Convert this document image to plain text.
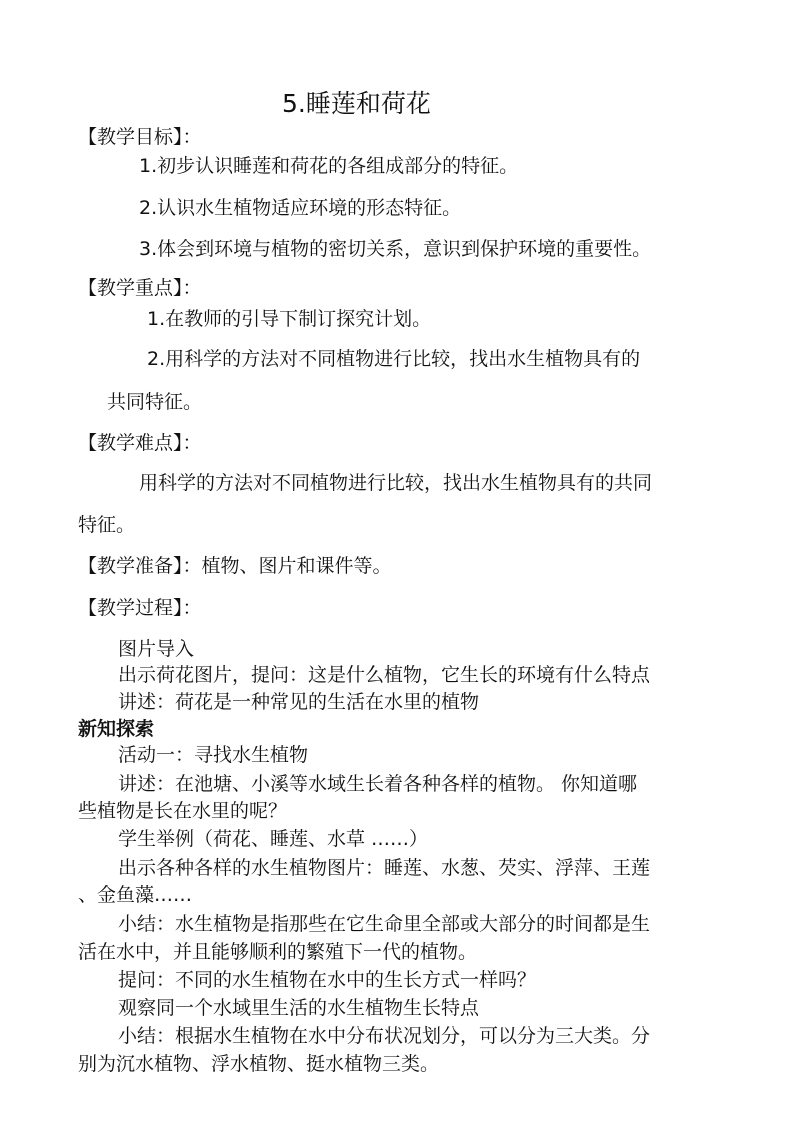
5.睡莲和荷花
【教学目标】：
1.初步认识睡莲和荷花的各组成部分的特征。
2.认识水生植物适应环境的形态特征。
3.体会到环境与植物的密切关系，意识到保护环境的重要性。
【教学重点】：
1.在教师的引导下制订探究计划。
2.用科学的方法对不同植物进行比较，找出水生植物具有的
共同特征。
【教学难点】：
用科学的方法对不同植物进行比较，找出水生植物具有的共同
特征。
【教学准备】：植物、图片和课件等。
【教学过程】：
图片导入
出示荷花图片，提问：这是什么植物，它生长的环境有什么特点
讲述：荷花是一种常见的生活在水里的植物
新知探索
活动一：寻找水生植物
讲述：在池塘、小溪等水域生长着各种各样的植物。 你知道哪
些植物是长在水里的呢？
学生举例（荷花、睡莲、水草 ……）
出示各种各样的水生植物图片：睡莲、水葱、芡实、浮萍、王莲
、金鱼藻……
小结：水生植物是指那些在它生命里全部或大部分的时间都是生
活在水中，并且能够顺利的繁殖下一代的植物。
提问：不同的水生植物在水中的生长方式一样吗？
观察同一个水域里生活的水生植物生长特点
小结：根据水生植物在水中分布状况划分，可以分为三大类。分
别为沉水植物、浮水植物、挺水植物三类。
